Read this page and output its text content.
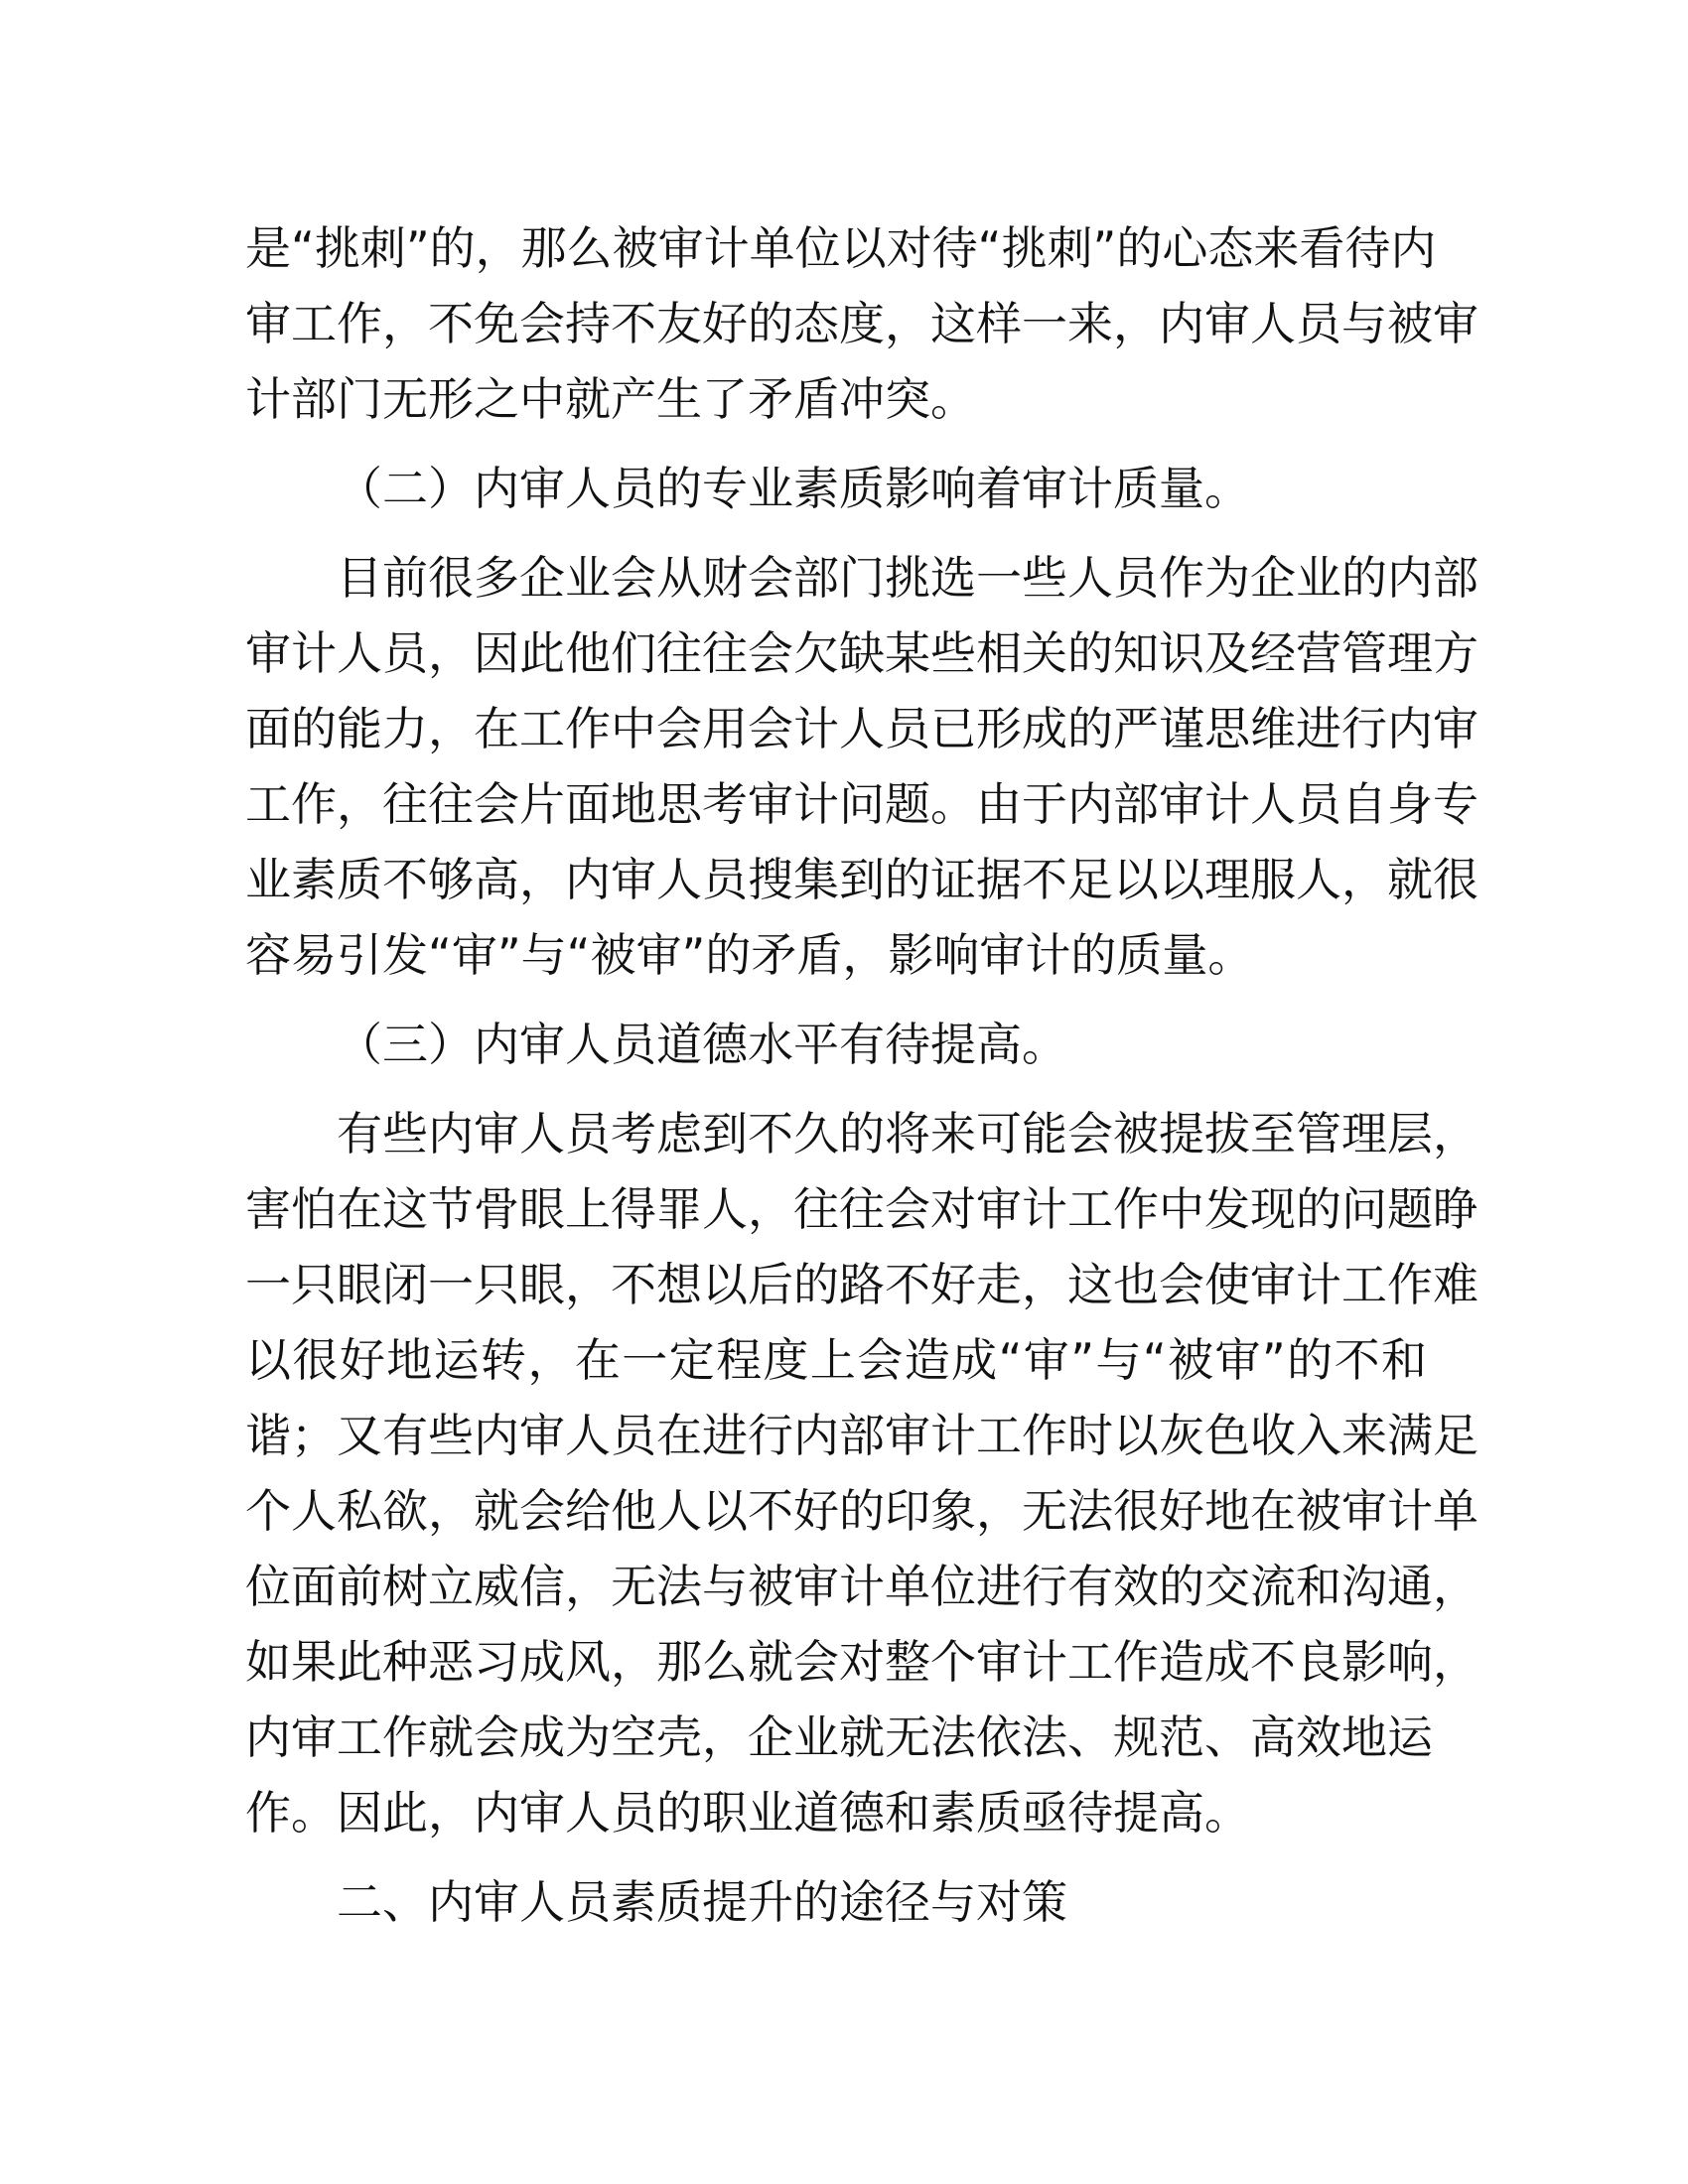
是“挑刺”的，那么被审计单位以对待“挑刺”的心态来看待内
审工作，不免会持不友好的态度，这样一来，内审人员与被审
计部门无形之中就产生了矛盾冲突。
（二）内审人员的专业素质影响着审计质量。
目前很多企业会从财会部门挑选一些人员作为企业的内部
审计人员，因此他们往往会欠缺某些相关的知识及经营管理方
面的能力，在工作中会用会计人员已形成的严谨思维进行内审
工作，往往会片面地思考审计问题。由于内部审计人员自身专
业素质不够高，内审人员搜集到的证据不足以以理服人，就很
容易引发“审”与“被审”的矛盾，影响审计的质量。
（三）内审人员道德水平有待提高。
有些内审人员考虑到不久的将来可能会被提拔至管理层，
害怕在这节骨眼上得罪人，往往会对审计工作中发现的问题睁
一只眼闭一只眼，不想以后的路不好走，这也会使审计工作难
以很好地运转，在一定程度上会造成“审”与“被审”的不和
谐；又有些内审人员在进行内部审计工作时以灰色收入来满足
个人私欲，就会给他人以不好的印象，无法很好地在被审计单
位面前树立威信，无法与被审计单位进行有效的交流和沟通，
如果此种恶习成风，那么就会对整个审计工作造成不良影响，
内审工作就会成为空壳，企业就无法依法、规范、高效地运
作。因此，内审人员的职业道德和素质亟待提高。
二、内审人员素质提升的途径与对策
